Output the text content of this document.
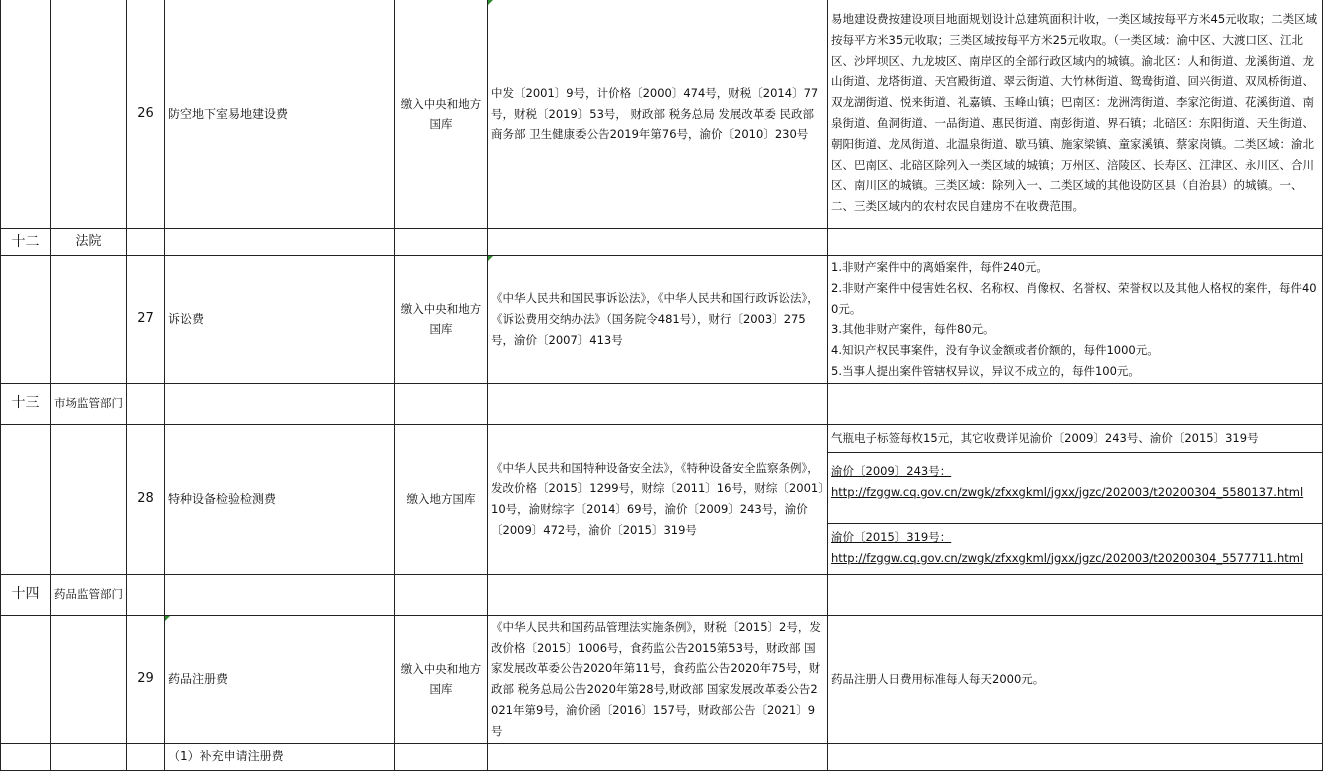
		26	防空地下室易地建设费	缴入中央和地方国库	中发〔2001〕9号，计价格〔2000〕474号，财税〔2014〕77号，财税〔2019〕53号， 财政部 税务总局 发展改革委 民政部 商务部 卫生健康委公告2019年第76号，渝价〔2010〕230号	易地建设费按建设项目地面规划设计总建筑面积计收，一类区域按每平方米45元收取；二类区域按每平方米35元收取；三类区域按每平方米25元收取。（一类区域：渝中区、大渡口区、江北区、沙坪坝区、九龙坡区、南岸区的全部行政区域内的城镇。渝北区：人和街道、龙溪街道、龙山街道、龙塔街道、天宫殿街道、翠云街道、大竹林街道、鸳鸯街道、回兴街道、双凤桥街道、双龙湖街道、悦来街道、礼嘉镇、玉峰山镇；巴南区：龙洲湾街道、李家沱街道、花溪街道、南泉街道、鱼洞街道、一品街道、惠民街道、南彭街道、界石镇；北碚区：东阳街道、天生街道、朝阳街道、龙凤街道、北温泉街道、歇马镇、施家梁镇、童家溪镇、蔡家岗镇。二类区域：渝北区、巴南区、北碚区除列入一类区域的城镇；万州区、涪陵区、长寿区、江津区、永川区、合川区、南川区的城镇。三类区域：除列入一、二类区域的其他设防区县（自治县）的城镇。一、二、三类区域内的农村农民自建房不在收费范围。
十二	法院					
		27	诉讼费	缴入中央和地方国库	《中华人民共和国民事诉讼法》，《中华人民共和国行政诉讼法》，《诉讼费用交纳办法》（国务院令481号），财行〔2003〕275号，渝价〔2007〕413号	1.非财产案件中的离婚案件，每件240元。
2.非财产案件中侵害姓名权、名称权、肖像权、名誉权、荣誉权以及其他人格权的案件，每件400元。
3.其他非财产案件，每件80元。
4.知识产权民事案件，没有争议金额或者价额的，每件1000元。
5.当事人提出案件管辖权异议，异议不成立的，每件100元。

十三	市场监管部门					
		28	特种设备检验检测费	缴入地方国库	《中华人民共和国特种设备安全法》，《特种设备安全监察条例》，发改价格〔2015〕1299号，财综〔2011〕16号，财综〔2001〕10号，渝财综字〔2014〕69号，渝价〔2009〕243号，渝价〔2009〕472号，渝价〔2015〕319号	气瓶电子标签每枚15元，其它收费详见渝价〔2009〕243号、渝价〔2015〕319号
渝价〔2009〕243号：
http://fzggw.cq.gov.cn/zwgk/zfxxgkml/jgxx/jgzc/202003/t20200304_5580137.html
渝价〔2015〕319号：
http://fzggw.cq.gov.cn/zwgk/zfxxgkml/jgxx/jgzc/202003/t20200304_5577711.html

十四	药品监管部门					
		29	药品注册费	缴入中央和地方国库	《中华人民共和国药品管理法实施条例》，财税〔2015〕2号，发改价格〔2015〕1006号，食药监公告2015第53号，财政部 国家发展改革委公告2020年第11号，食药监公告2020年75号，财政部 税务总局公告2020年第28号,财政部 国家发展改革委公告2021年第9号，渝价函〔2016〕157号，财政部公告〔2021〕9号	药品注册人日费用标准每人每天2000元。
			（1）补充申请注册费			
